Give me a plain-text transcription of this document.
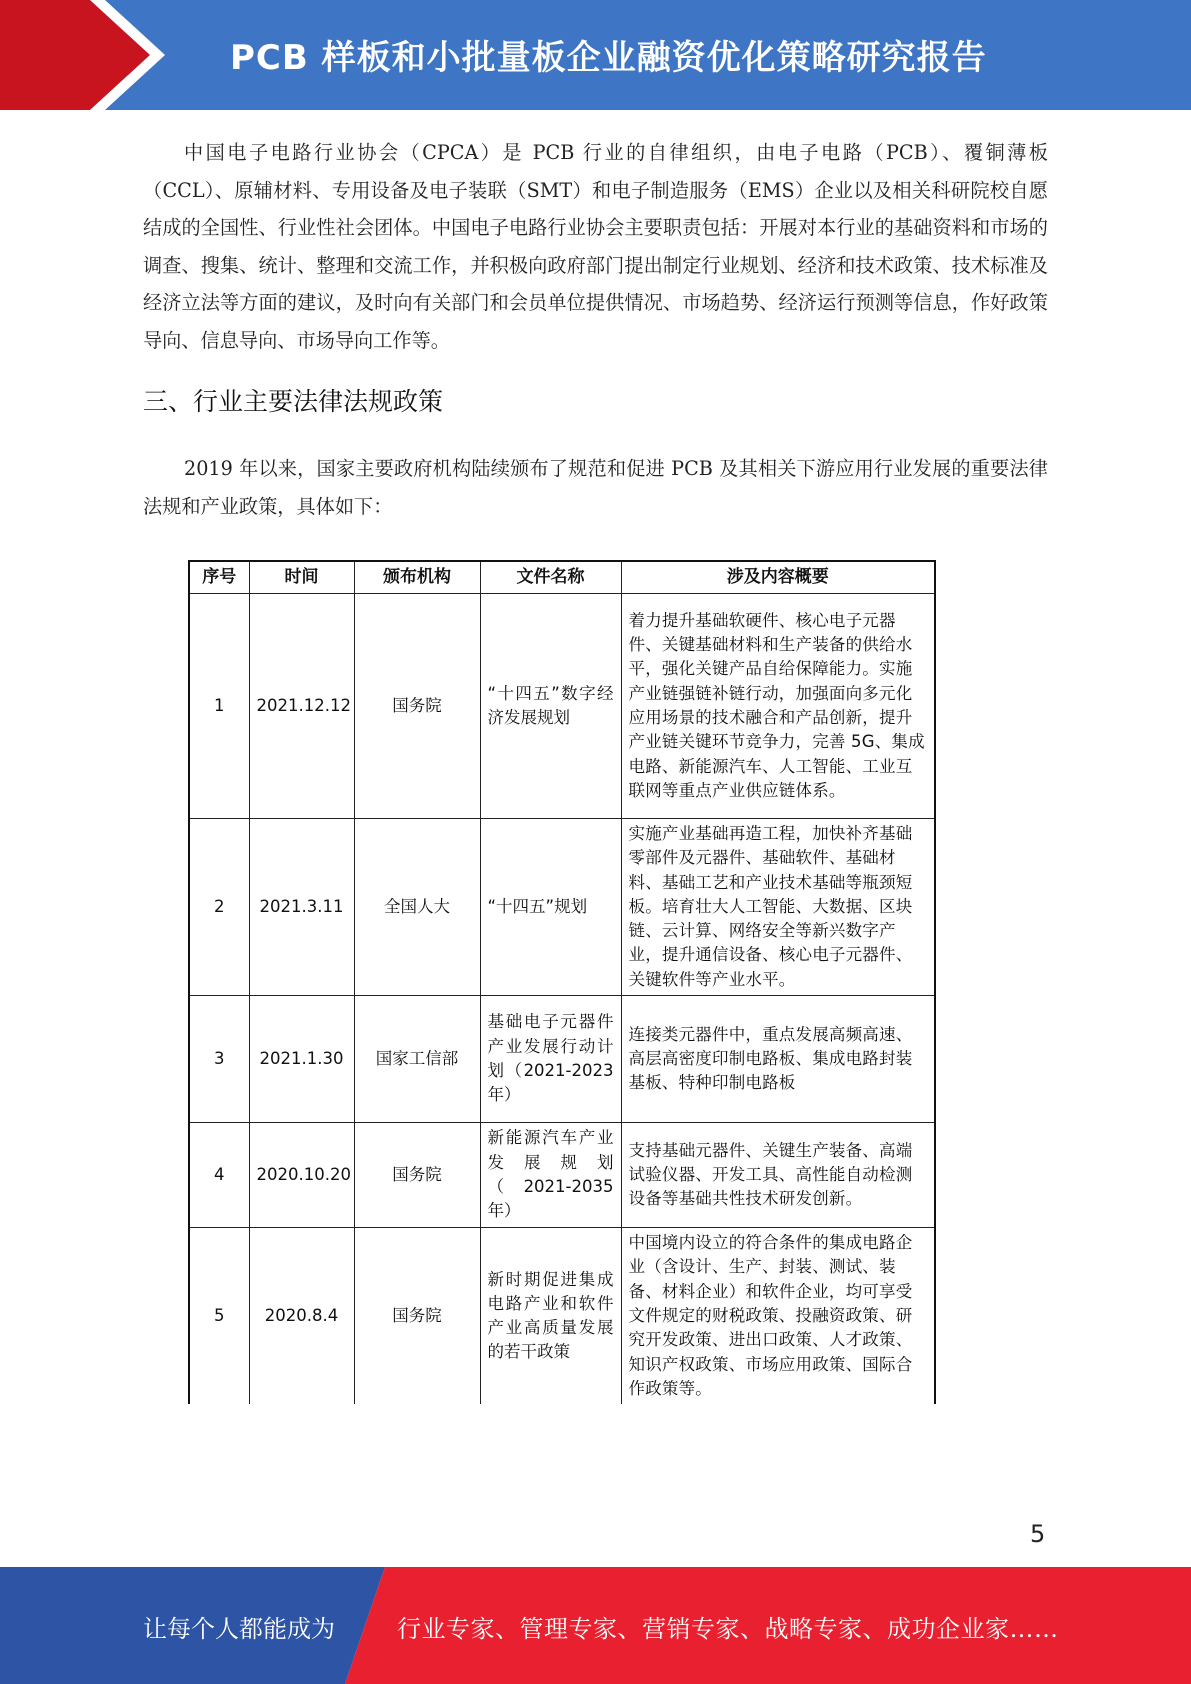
PCB 样板和小批量板企业融资优化策略研究报告

中国电子电路行业协会（CPCA）是 PCB 行业的自律组织，由电子电路（PCB）、覆铜薄板（CCL）、原辅材料、专用设备及电子装联（SMT）和电子制造服务（EMS）企业以及相关科研院校自愿结成的全国性、行业性社会团体。中国电子电路行业协会主要职责包括：开展对本行业的基础资料和市场的调查、搜集、统计、整理和交流工作，并积极向政府部门提出制定行业规划、经济和技术政策、技术标准及经济立法等方面的建议，及时向有关部门和会员单位提供情况、市场趋势、经济运行预测等信息，作好政策导向、信息导向、市场导向工作等。

三、行业主要法律法规政策

2019 年以来，国家主要政府机构陆续颁布了规范和促进 PCB 及其相关下游应用行业发展的重要法律法规和产业政策，具体如下：

序号	时间	颁布机构	文件名称	涉及内容概要
1	2021.12.12	国务院	“十四五”数字经济发展规划	着力提升基础软硬件、核心电子元器件、关键基础材料和生产装备的供给水平，强化关键产品自给保障能力。实施产业链强链补链行动，加强面向多元化应用场景的技术融合和产品创新，提升产业链关键环节竞争力，完善 5G、集成电路、新能源汽车、人工智能、工业互联网等重点产业供应链体系。
2	2021.3.11	全国人大	“十四五”规划	实施产业基础再造工程，加快补齐基础零部件及元器件、基础软件、基础材料、基础工艺和产业技术基础等瓶颈短板。培育壮大人工智能、大数据、区块链、云计算、网络安全等新兴数字产业，提升通信设备、核心电子元器件、关键软件等产业水平。
3	2021.1.30	国家工信部	基础电子元器件产业发展行动计划（2021-2023年）	连接类元器件中，重点发展高频高速、高层高密度印制电路板、集成电路封装基板、特种印制电路板
4	2020.10.20	国务院	新能源汽车产业发展规划（2021-2035年）	支持基础元器件、关键生产装备、高端试验仪器、开发工具、高性能自动检测设备等基础共性技术研发创新。
5	2020.8.4	国务院	新时期促进集成电路产业和软件产业高质量发展的若干政策	中国境内设立的符合条件的集成电路企业（含设计、生产、封装、测试、装备、材料企业）和软件企业，均可享受文件规定的财税政策、投融资政策、研究开发政策、进出口政策、人才政策、知识产权政策、市场应用政策、国际合作政策等。
5
让每个人都能成为	行业专家、管理专家、营销专家、战略专家、成功企业家……
